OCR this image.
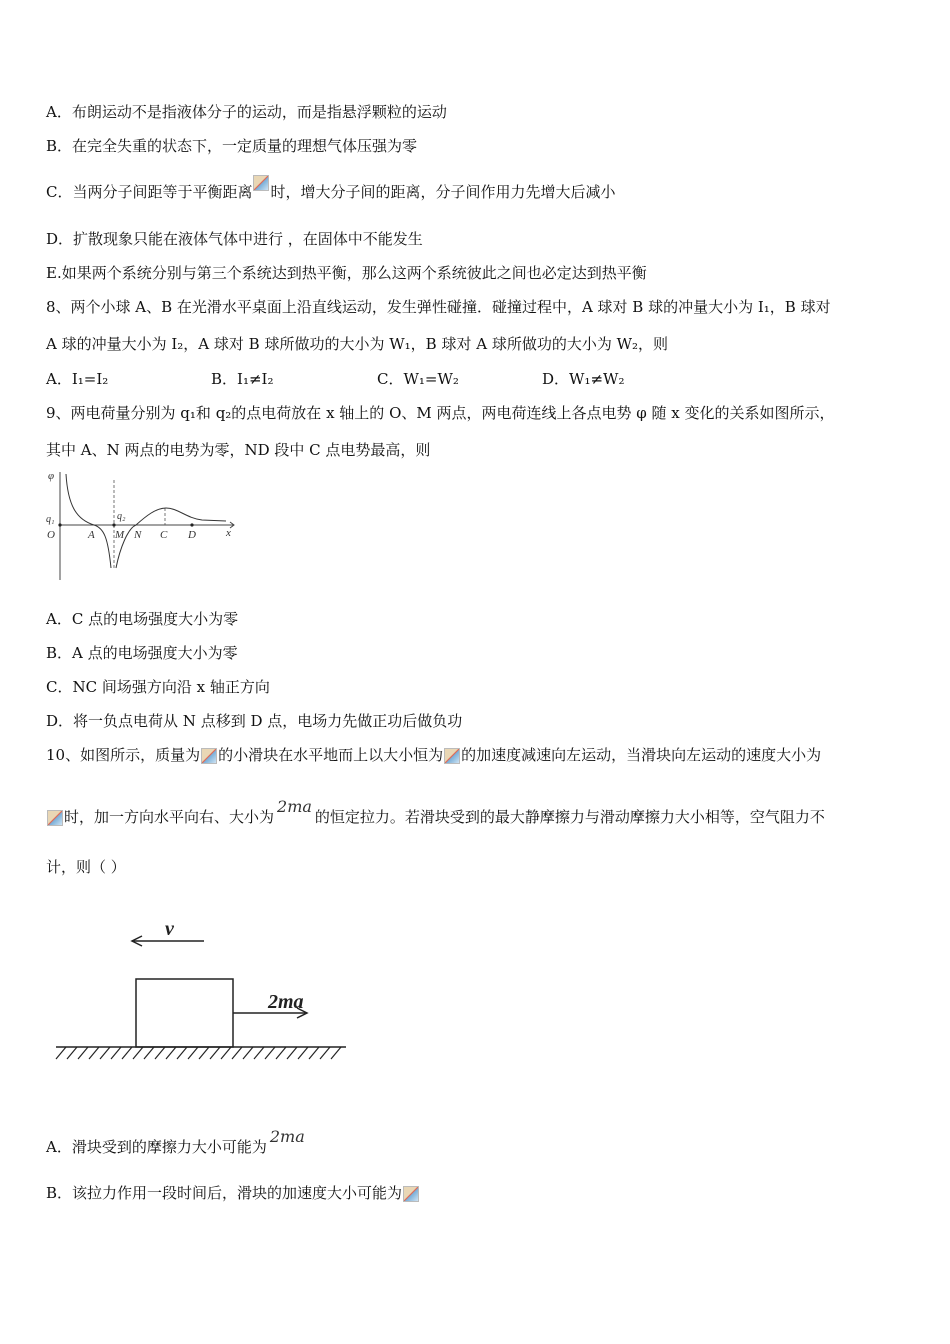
A．布朗运动不是指液体分子的运动，而是指悬浮颗粒的运动
B．在完全失重的状态下，一定质量的理想气体压强为零
C．当两分子间距等于平衡距离 时，增大分子间的距离，分子间作用力先增大后减小
D．扩散现象只能在液体气体中进行 ，在固体中不能发生
E.如果两个系统分别与第三个系统达到热平衡，那么这两个系统彼此之间也必定达到热平衡
8、两个小球 A、B 在光滑水平桌面上沿直线运动，发生弹性碰撞．碰撞过程中，A 球对 B 球的冲量大小为 I₁，B 球对
A 球的冲量大小为 I₂，A 球对 B 球所做功的大小为 W₁，B 球对 A 球所做功的大小为 W₂，则
A．I₁=I₂	B．I₁≠I₂	C．W₁=W₂	D．W₁≠W₂
9、两电荷量分别为 q₁和 q₂的点电荷放在 x 轴上的 O、M 两点，两电荷连线上各点电势 φ 随 x 变化的关系如图所示，
其中 A、N 两点的电势为零，ND 段中 C 点电势最高，则
φ
q₁	q₂
O	A M N C D	x
A．C 点的电场强度大小为零
B．A 点的电场强度大小为零
C．NC 间场强方向沿 x 轴正方向
D．将一负点电荷从 N 点移到 D 点，电场力先做正功后做负功
10、如图所示，质量为 的小滑块在水平地而上以大小恒为 的加速度减速向左运动，当滑块向左运动的速度大小为
时，加一方向水平向右、大小为2ma的恒定拉力。若滑块受到的最大静摩擦力与滑动摩擦力大小相等，空气阻力不
计，则（ ）
v
2ma
A．滑块受到的摩擦力大小可能为2ma
B．该拉力作用一段时间后，滑块的加速度大小可能为
